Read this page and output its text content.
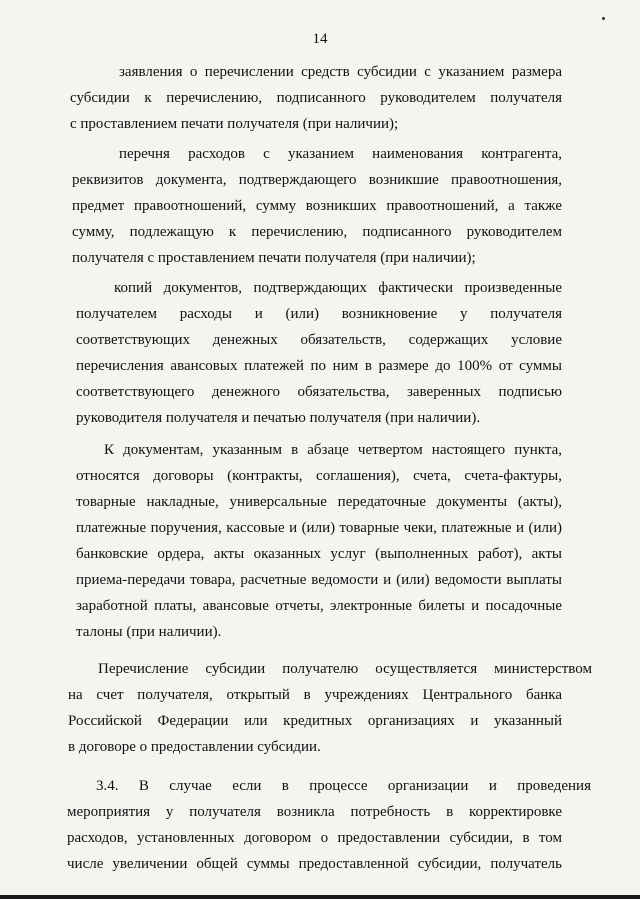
14
заявления о перечислении средств субсидии с указанием размера
субсидии к перечислению, подписанного руководителем получателя
с проставлением печати получателя (при наличии);
перечня расходов с указанием наименования контрагента,
реквизитов документа, подтверждающего возникшие правоотношения,
предмет правоотношений, сумму возникших правоотношений, а также
сумму, подлежащую к перечислению, подписанного руководителем
получателя с проставлением печати получателя (при наличии);
копий документов, подтверждающих фактически произведенные
получателем расходы и (или) возникновение у получателя
соответствующих денежных обязательств, содержащих условие
перечисления авансовых платежей по ним в размере до 100% от суммы
соответствующего денежного обязательства, заверенных подписью
руководителя получателя и печатью получателя (при наличии).
К документам, указанным в абзаце четвертом настоящего пункта,
относятся договоры (контракты, соглашения), счета, счета-фактуры,
товарные накладные, универсальные передаточные документы (акты),
платежные поручения, кассовые и (или) товарные чеки, платежные и (или)
банковские ордера, акты оказанных услуг (выполненных работ), акты
приема-передачи товара, расчетные ведомости и (или) ведомости выплаты
заработной платы, авансовые отчеты, электронные билеты и посадочные
талоны (при наличии).
Перечисление субсидии получателю осуществляется министерством
на счет получателя, открытый в учреждениях Центрального банка
Российской Федерации или кредитных организациях и указанный
в договоре о предоставлении субсидии.
3.4. В случае если в процессе организации и проведения
мероприятия у получателя возникла потребность в корректировке
расходов, установленных договором о предоставлении субсидии, в том
числе увеличении общей суммы предоставленной субсидии, получатель
